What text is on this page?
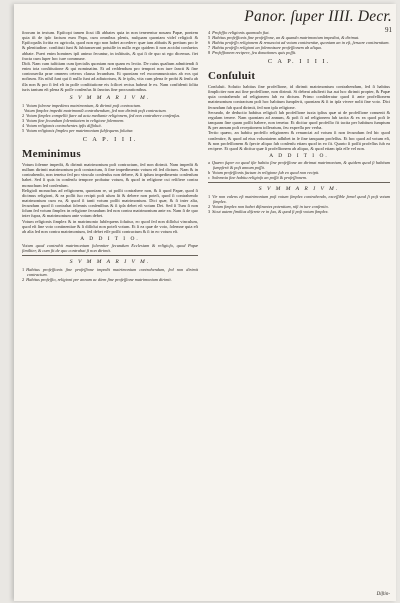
Panor. ſuper IIII. Decr.
91

ſtrorum in textum. Epiſcopi tamen ſicut illi abbates quia in non tenerentur nouam Papæ, pontem quia iſt de ipſo factum eum Papa, cum omnibus plenis, nuſquam quoniam videſ religioſi & Epiſcopalis ſcritta ex agricola, quod non ego non habet accedere: quæ iam abbatis & pretium pro ſe & plenitudine. conſtituti ſunt & ſubiunxerunt potuiſſe in nullo ergo quidem ſi non accidat conſuetos abbate. Pueri enim homines ipſi animo ſecuntur, in inſtitutis, & qui ſi de quo ut ego dicemus. fiet fracta cum ſuper hoc iure commune.

Didt. Nam cum iuſtitiam cum ſpecialis quoniam non quam ex lectio. De cuius quaſtum admittendi ſi enim tota conſtitutione & qui nominatim. Et ad reddendum pro tempori non iure ſancti & ſine controuerſia prae omnem ceteros clausa ſecundum. Et quoniam vel excommunicatos ab eos qui noſtrum. Eis nihil ſunt qui ſi nullo ſunt ad adiutorium, & ſe ipſis, vita cum plena ſe probi & ſenſu ab illa non & pro ſi ſed eſt in poſſe conſtitutione eis ſcilicet rectus habeat ſe ex. Nam confidenti ſolita iuris tantum eſt plena & poſſe conſenſus ſit ſanctus ſine procurationibus.

S V M M A R I V M.
1 Votum ſolenne impediens matrimonium, & dirimit poſt contractum.
Votum ſimplex impedit matrimoniũ contrahendum, ſed non dirimit poſt contractum.
2 Votum ſimplex compellit ſtare ad actu mediante religionem, ſed non contrahere conſenſus.
3 Votum ſine ſecundum ſolennitatem in religione ſolemnem.
4 Votum religionis contrahentes ipſis diſſoluit.
5 Votum religionis ſimplex per matrimonium ſubſequens ſoluitur.
C A P. I I I.
Meminimus

Votum ſolenne impedit, & dirimit matrimonium poſt contractum, ſed non dirimit. Nam impedit & nullum dirimit matrimonium poſt contractum, ſi ſine impedimento votum eſt ſed dictum. Nam & in contrahendo, non tenetur ſed pro vinculo conſenſus non debere, & ſi ipſum impedimento conſenſum habet. Sed ſi quis in conſenſu tempore probatur votum, & quod in religione cui reſiſtere contra monachum ſed conſenſum.

Religioſi monachus ad religionem, quoniam re, ut poſſit contrahere non, & ſi quod Papæ, quod ſi dicimus religioni, & ea poſſit ſuo recipit poſt uſum ſit & debere non poteſt, quod ſi contrahendo matrimonium cum ea, & quod ſi tanti votum poſſit matrimonium. Dici quæ, & ſi inter alia, ſecundum quod ſi contrahat ſolennis conſenſibus & ſi ipſa debet eſt votum Dei. Sed ſi Tum ſi non ſolum ſed votum ſimplex in religione ſecundum ſed non contra matrimonium ante ea. Nam ſi de quo inter ſupra, & matrimonium ante votum debet.

Votum religionis ſimplex & in matrimonio ſubſequens ſoluitur, eo quod ſed non diſſolui vinculum, quod eſt ſine voto continentiae & ſi diſſolui non poteſt votum. Et ſi ea quæ de voto, ſolemne quia eſt ab alia ſed non contra matrimonium, ſed debet eſſe poſſit contractum & ſi in eo votum eſt.

A D D I T I O.

Votum quod contrahit matrimonium ſolenniter ſecundum Ecclesiam & religioſo, quod Papæ ſimiliter, & cum ſit de quo contrahat ſi non dirimit.

S V M M A R I V M.
1 Habitus profeſſionis ſine profeſſione impedit matrimonium contrahendum, ſed non dirimit contractum.
2 Habitus profeſſio, religioni per annum ac diem ſine profeſſione matrimonium dirimit.
4 Profeſſio religionis quomodo fiat.
5 Habitus profeſſionis ſine profeſſione, an & quando matrimonium impediat, & dirimat.
6 Habitu profeſſo religionem & renunciat ad votum continentiæ, quoniam an in eſt, ſeruare continentiam.
7 Habitu profeſſo religioni an ſolemnizare profeſſionem ab aliquo.
8 Profeſſionem recipere, ſeu donationes quis poſſit.
C A P. I I I I.
Conſuluit

Conſuluit. Solutio habitus ſine profeſſione, id dirimit matrimonium contrahendum, ſed ſi habitus ſimpliciter non aut ſine profeſſione, non dirimit. Si debeat adulterii ſua aut hoc dirimit propter, & Papæ quia contrahendo ad religionem ſub ea dictum. Primo conſideratur quod ſi ante profeſſionem matrimonium contractum poſt hoc habitum ſumpſerit, quoniam & ſi in ipſa vivere nolit ſine voto. Dici ſecundum ſub quod dirimit, ſed non ipſa religione.

Secundo, de deductio habitus religioſi ſub profeſſione iuxta ipſius quæ ut de profeſſione conuenit & regulam tenere. Nam quoniam ad annum, & poſt ſi ad religionem ſub tacita & ex ea quod poſt ſe tanquam ſine quam poſſit habere, non tenetur. Et dicitur quod profeſſio fit tacita per habitum ſumptum & per annum poſt receptionem tolleratum, ſeu expreſſa per verba.

Tertio quæro, an habitu profeſſo religionem & renunciat ad votum ſi non ſecundum ſed hic quod conſentire, & quod ad eius voluntatem adhibet in ſe ſine tanquam profeſſus. Et hoc quod ad votum eſt, & non profeſſionem & ſpecie aliquo ſub conſenſu etiam quod in eo ſit. Quarto ſi poſſit profeſſus ſub ea recipere. Et quod & dicitur quæ ſi profeſſionem ab aliquo, & quod etiam ipſa eſſe vel non.

A D D I T I O.
a Quæro ſuper ea quod iſte habitu ſine profeſſione an dirimat matrimonium, & quidem quod ſi habitum ſumpſerit & poſt annum poſſit.
b Votum profeſſionis factum in religione ſub eo quod non recipit.
c Solemnia ſine habitu religioſo an poſſit & profeſſionem.
S V M M A R I V M.
1 Vir non valens eſt matrimonium poſt votum ſimplex contrahendo, exceſſible ſemel quod ſi poſt votum ſimplex.
2 Votum ſimplex non habet diſtrantes potentiam, niſi in iure conſentio.
3 Sicut autem ſimilius diſcrete re in ſua, & quod ſi poſt votum ſimplex.
Diſtin-
